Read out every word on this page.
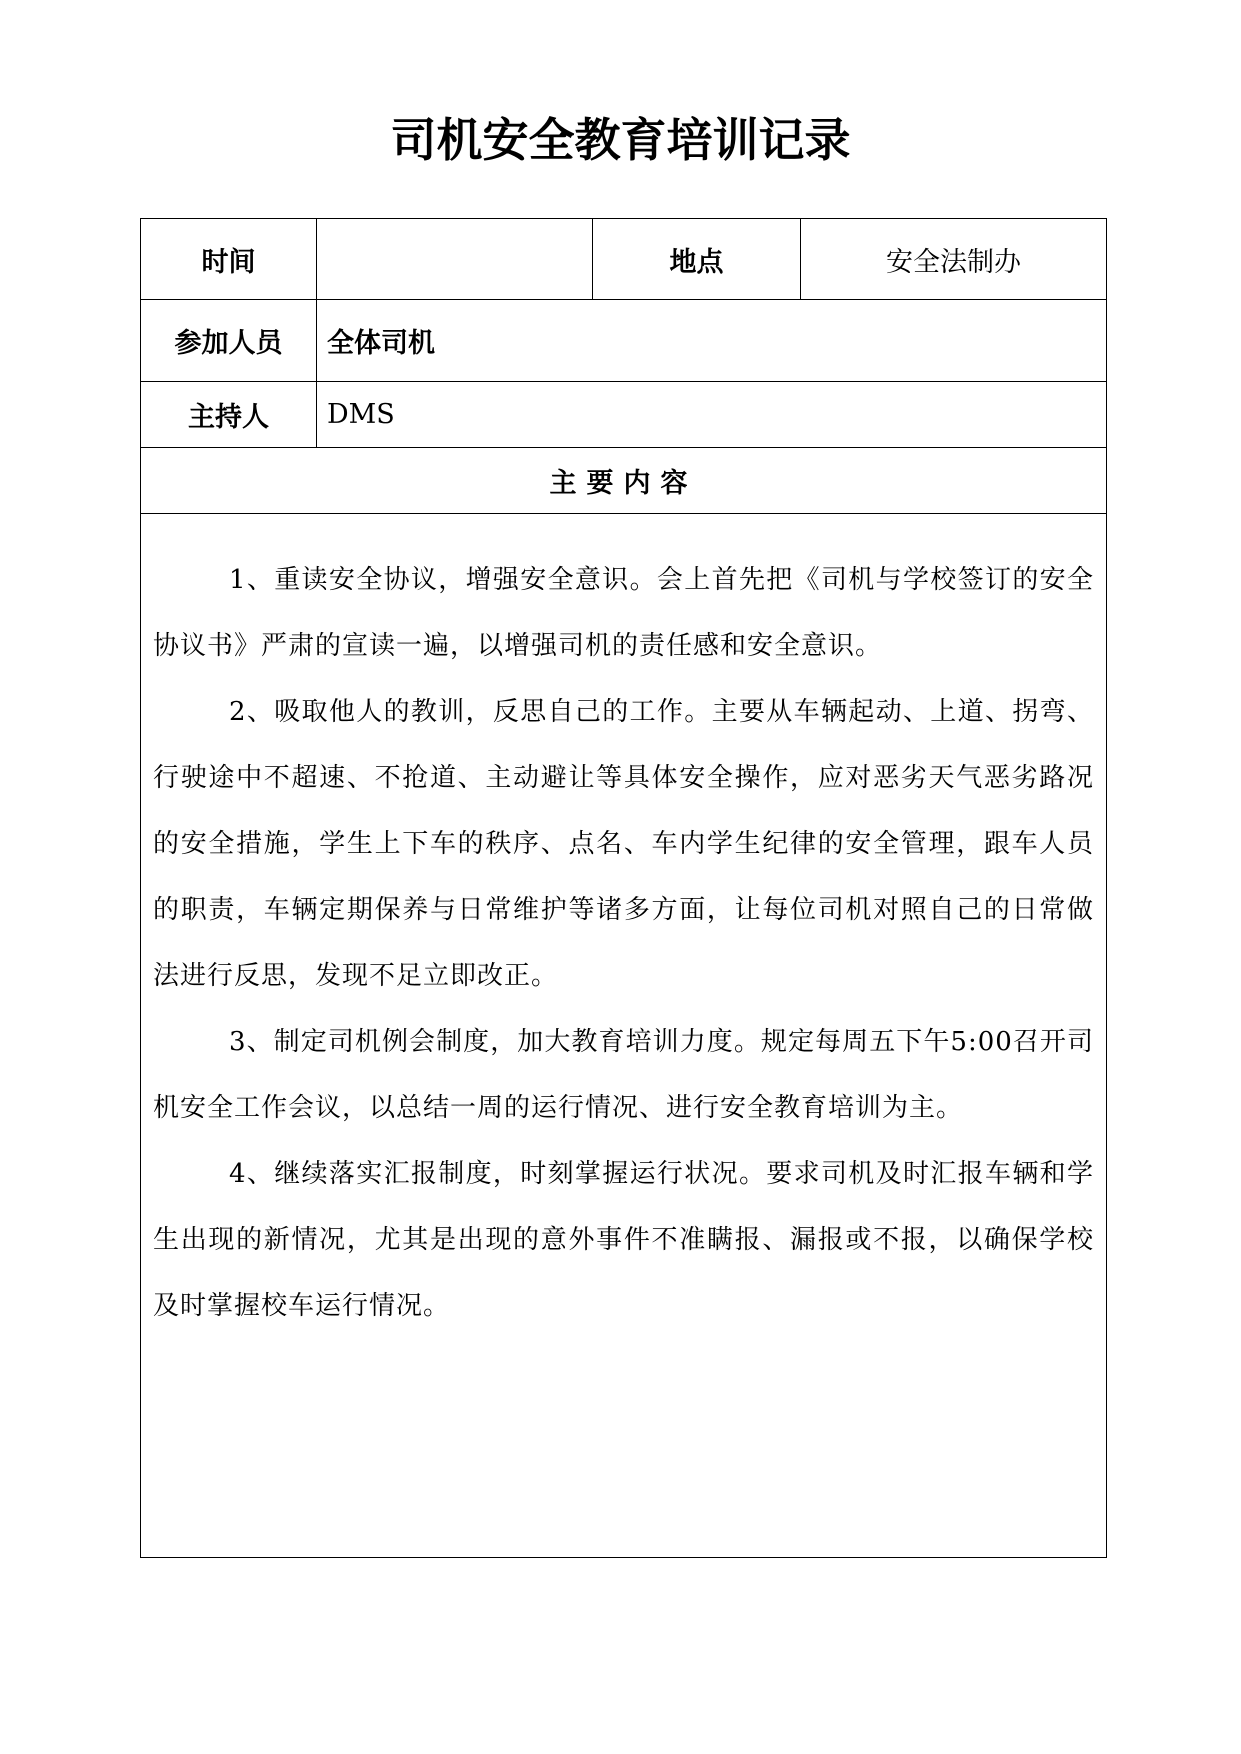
司机安全教育培训记录
时间		地点	安全法制办
参加人员	全体司机		
主持人	DMS		
主要内容			

1、重读安全协议，增强安全意识。会上首先把《司机与学校签订的安全协议书》严肃的宣读一遍，以增强司机的责任感和安全意识。

2、吸取他人的教训，反思自己的工作。主要从车辆起动、上道、拐弯、行驶途中不超速、不抢道、主动避让等具体安全操作，应对恶劣天气恶劣路况的安全措施，学生上下车的秩序、点名、车内学生纪律的安全管理，跟车人员的职责，车辆定期保养与日常维护等诸多方面，让每位司机对照自己的日常做法进行反思，发现不足立即改正。

3、制定司机例会制度，加大教育培训力度。规定每周五下午5:00召开司机安全工作会议，以总结一周的运行情况、进行安全教育培训为主。

4、继续落实汇报制度，时刻掌握运行状况。要求司机及时汇报车辆和学生出现的新情况，尤其是出现的意外事件不准瞒报、漏报或不报，以确保学校及时掌握校车运行情况。			
